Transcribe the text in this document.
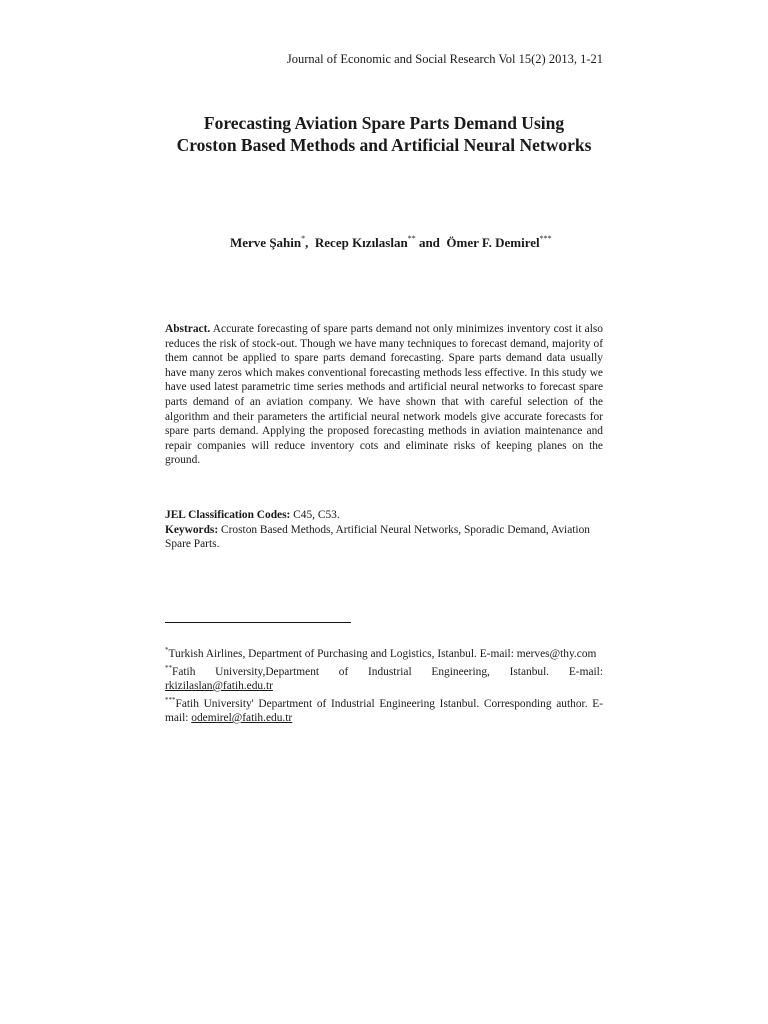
Journal of Economic and Social Research Vol 15(2) 2013, 1-21
Forecasting Aviation Spare Parts Demand Using
Croston Based Methods and Artificial Neural Networks
Merve Şahin*,  Recep Kızılaslan** and  Ömer F. Demirel***
Abstract. Accurate forecasting of spare parts demand not only minimizes inventory cost it also reduces the risk of stock-out. Though we have many techniques to forecast demand, majority of them cannot be applied to spare parts demand forecasting. Spare parts demand data usually have many zeros which makes conventional forecasting methods less effective. In this study we have used latest parametric time series methods and artificial neural networks to forecast spare parts demand of an aviation company. We have shown that with careful selection of the algorithm and their parameters the artificial neural network models give accurate forecasts for spare parts demand. Applying the proposed forecasting methods in aviation maintenance and repair companies will reduce inventory cots and eliminate risks of keeping planes on the ground.
JEL Classification Codes: C45, C53.
Keywords: Croston Based Methods, Artificial Neural Networks, Sporadic Demand, Aviation Spare Parts.

*Turkish Airlines, Department of Purchasing and Logistics, Istanbul. E-mail: merves@thy.com

**Fatih University,Department of Industrial Engineering, Istanbul. E-mail: rkizilaslan@fatih.edu.tr

***Fatih University' Department of Industrial Engineering Istanbul. Corresponding author. E-mail: odemirel@fatih.edu.tr
